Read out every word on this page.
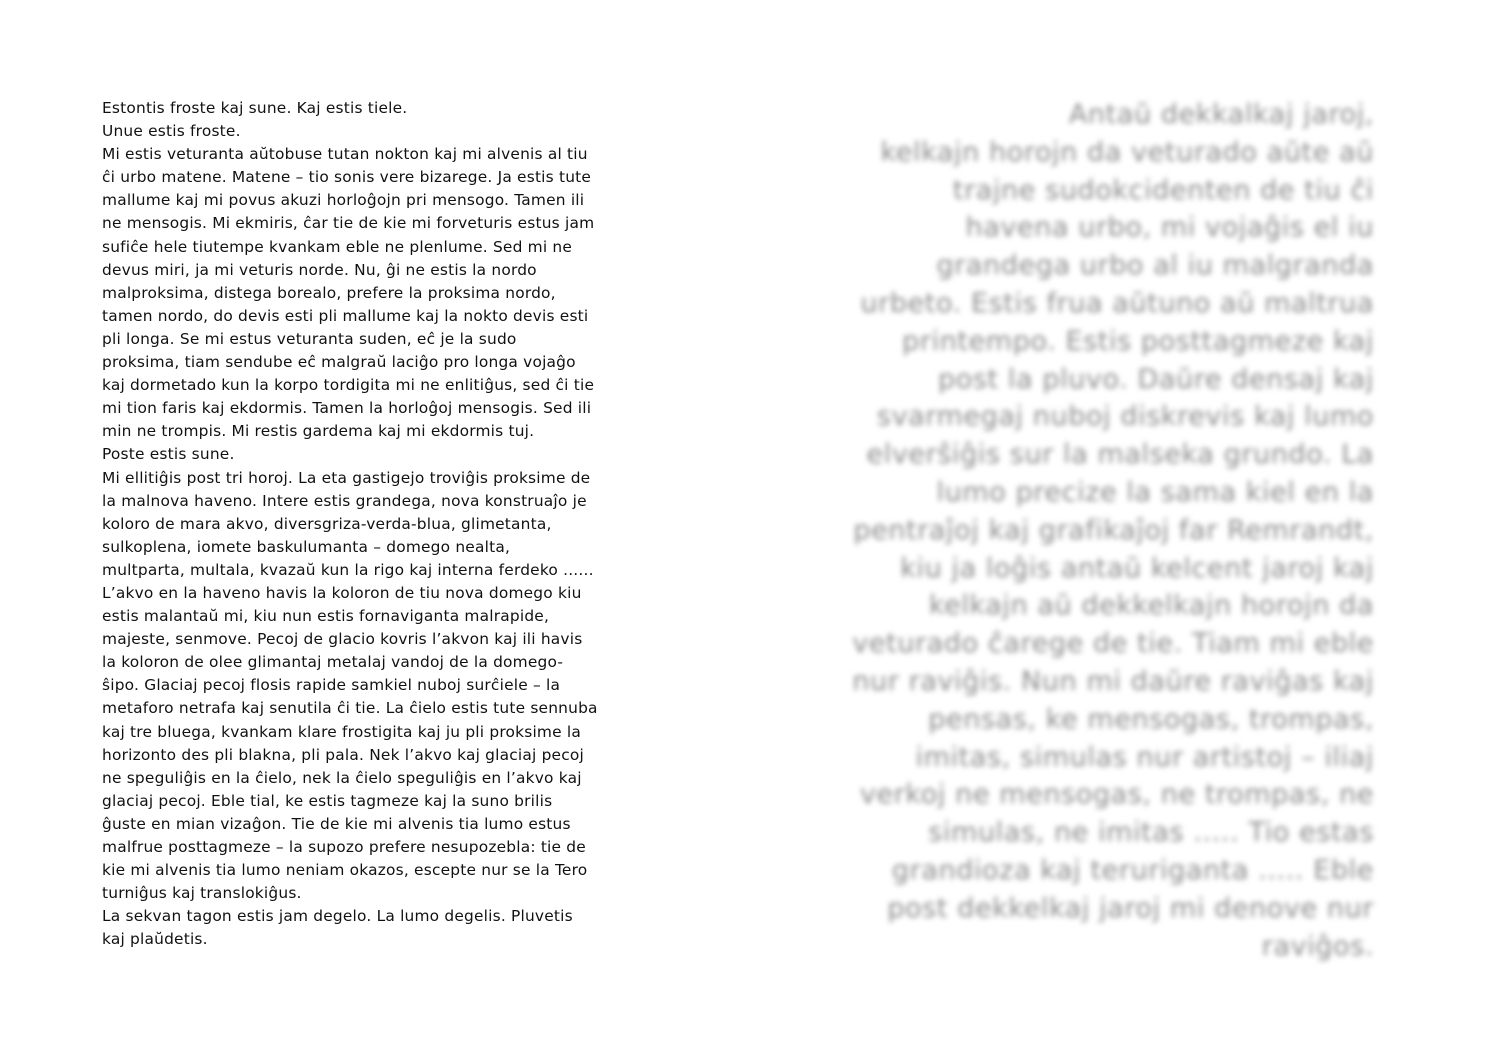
Estontis froste kaj sune. Kaj estis tiele.

Unue estis froste.

Mi estis veturanta aŭtobuse tutan nokton kaj mi alvenis al tiu
ĉi urbo matene. Matene – tio sonis vere bizarege. Ja estis tute
mallume kaj mi povus akuzi horloĝojn pri mensogo. Tamen ili
ne mensogis. Mi ekmiris, ĉar tie de kie mi forveturis estus jam
sufiĉe hele tiutempe kvankam eble ne plenlume. Sed mi ne
devus miri, ja mi veturis norde. Nu, ĝi ne estis la nordo
malproksima, distega borealo, prefere la proksima nordo,
tamen nordo, do devis esti pli mallume kaj la nokto devis esti
pli longa. Se mi estus veturanta suden, eĉ je la sudo
proksima, tiam sendube eĉ malgraŭ laciĝo pro longa vojaĝo
kaj dormetado kun la korpo tordigita mi ne enlitiĝus, sed ĉi tie
mi tion faris kaj ekdormis. Tamen la horloĝoj mensogis. Sed ili
min ne trompis. Mi restis gardema kaj mi ekdormis tuj.

Poste estis sune.

Mi ellitiĝis post tri horoj. La eta gastigejo troviĝis proksime de
la malnova haveno. Intere estis grandega, nova konstruaĵo je
koloro de mara akvo, diversgriza-verda-blua, glimetanta,
sulkoplena, iomete baskulumanta – domego nealta,
multparta, multala, kvazaŭ kun la rigo kaj interna ferdeko ......
L’akvo en la haveno havis la koloron de tiu nova domego kiu
estis malantaŭ mi, kiu nun estis fornaviganta malrapide,
majeste, senmove. Pecoj de glacio kovris l’akvon kaj ili havis
la koloron de olee glimantaj metalaj vandoj de la domego-
ŝipo. Glaciaj pecoj flosis rapide samkiel nuboj surĉiele – la
metaforo netrafa kaj senutila ĉi tie. La ĉielo estis tute sennuba
kaj tre bluega, kvankam klare frostigita kaj ju pli proksime la
horizonto des pli blakna, pli pala. Nek l’akvo kaj glaciaj pecoj
ne speguliĝis en la ĉielo, nek la ĉielo speguliĝis en l’akvo kaj
glaciaj pecoj. Eble tial, ke estis tagmeze kaj la suno brilis
ĝuste en mian vizaĝon. Tie de kie mi alvenis tia lumo estus
malfrue posttagmeze – la supozo prefere nesupozebla: tie de
kie mi alvenis tia lumo neniam okazos, escepte nur se la Tero
turniĝus kaj translokiĝus.

La sekvan tagon estis jam degelo. La lumo degelis. Pluvetis
kaj plaŭdetis.

Antaŭ dekkalkaj jaroj,
kelkajn horojn da veturado aŭte aŭ
trajne sudokcidenten de tiu ĉi
havena urbo, mi vojaĝis el iu
grandega urbo al iu malgranda
urbeto. Estis frua aŭtuno aŭ maltrua
printempo. Estis posttagmeze kaj
post la pluvo. Daŭre densaj kaj
svarmegaj nuboj diskrevis kaj lumo
elverŝiĝis sur la malseka grundo. La
lumo precize la sama kiel en la
pentraĵoj kaj grafikaĵoj far Remrandt,
kiu ja loĝis antaŭ kelcent jaroj kaj
kelkajn aŭ dekkelkajn horojn da
veturado ĉarege de tie. Tiam mi eble
nur raviĝis. Nun mi daŭre raviĝas kaj
pensas, ke mensogas, trompas,
imitas, simulas nur artistoj – iliaj
verkoj ne mensogas, ne trompas, ne
simulas, ne imitas ..... Tio estas
grandioza kaj teruriganta ..... Eble
post dekkelkaj jaroj mi denove nur
raviĝos.
